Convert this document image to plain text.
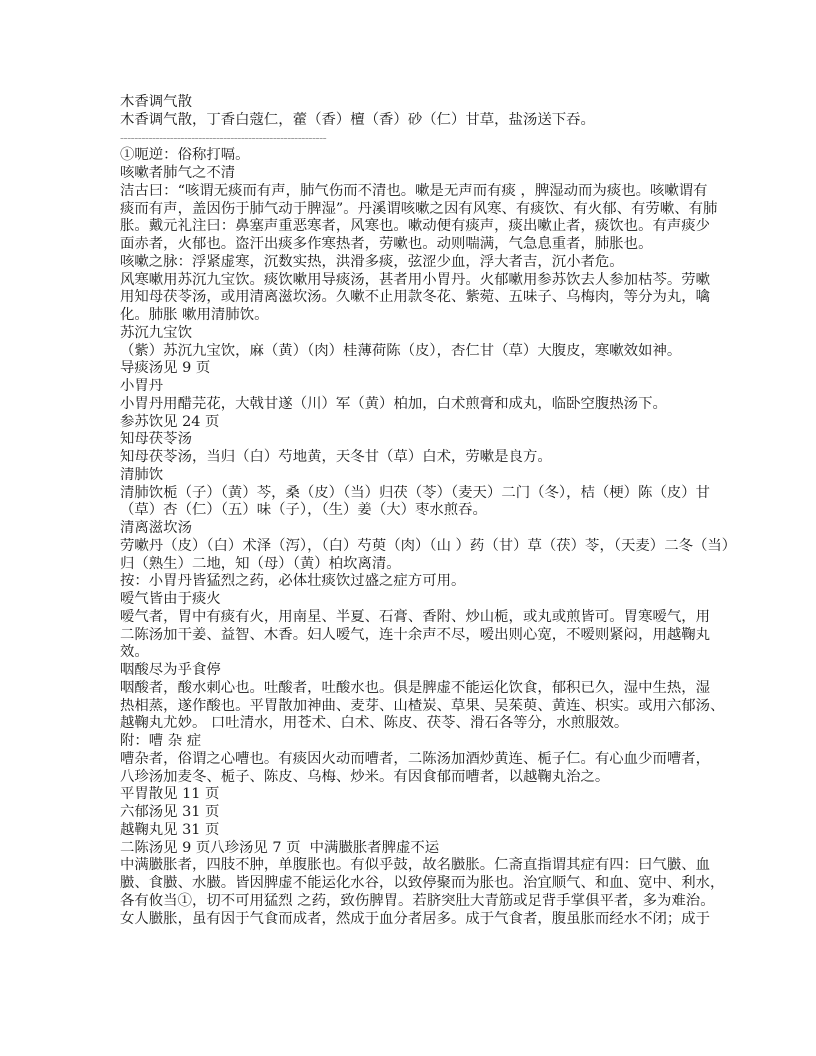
木香调气散
木香调气散，丁香白蔻仁，藿（香）檀（香）砂（仁）甘草，盐汤送下吞。
----------------------------------------------------------
①呃逆：俗称打嗝。
咳嗽者肺气之不清
洁古曰：“咳谓无痰而有声，肺气伤而不清也。嗽是无声而有痰 ，脾湿动而为痰也。咳嗽谓有
痰而有声，盖因伤于肺气动于脾湿”。丹溪谓咳嗽之因有风寒、有痰饮、有火郁、有劳嗽、有肺
胀。戴元礼注曰：鼻塞声重恶寒者，风寒也。嗽动便有痰声，痰出嗽止者，痰饮也。有声痰少
面赤者，火郁也。盗汗出痰多作寒热者，劳嗽也。动则喘满，气急息重者，肺胀也。
咳嗽之脉：浮紧虚寒，沉数实热，洪滑多痰，弦涩少血，浮大者吉，沉小者危。
风寒嗽用苏沉九宝饮。痰饮嗽用导痰汤，甚者用小胃丹。火郁嗽用参苏饮去人参加枯芩。劳嗽
用知母茯苓汤，或用清离滋坎汤。久嗽不止用款冬花、紫菀、五味子、乌梅肉，等分为丸，噙
化。肺胀 嗽用清肺饮。
苏沉九宝饮
（紫）苏沉九宝饮，麻（黄）（肉）桂薄荷陈（皮），杏仁甘（草）大腹皮，寒嗽效如神。
导痰汤见 9 页
小胃丹
小胃丹用醋芫花，大戟甘遂（川）军（黄）柏加，白术煎膏和成丸，临卧空腹热汤下。
参苏饮见 24 页
知母茯苓汤
知母茯苓汤，当归（白）芍地黄，天冬甘（草）白术，劳嗽是良方。
清肺饮
清肺饮栀（子）（黄）芩，桑（皮）（当）归茯（苓）（麦天）二门（冬），桔（梗）陈（皮）甘
（草）杏（仁）（五）味（子），（生）姜（大）枣水煎吞。
清离滋坎汤
劳嗽丹（皮）（白）术泽（泻），（白）芍萸（肉）（山 ）药（甘）草（茯）苓，（天麦）二冬（当）
归（熟生）二地，知（母）（黄）柏坎离清。
按：小胃丹皆猛烈之药，必体壮痰饮过盛之症方可用。
嗳气皆由于痰火
嗳气者，胃中有痰有火，用南星、半夏、石膏、香附、炒山栀，或丸或煎皆可。胃寒嗳气，用
二陈汤加干姜、益智、木香。妇人嗳气，连十余声不尽，嗳出则心宽，不嗳则紧闷，用越鞠丸
效。
咽酸尽为乎食停
咽酸者，酸水刺心也。吐酸者，吐酸水也。俱是脾虚不能运化饮食，郁积已久，湿中生热，湿
热相蒸，遂作酸也。平胃散加神曲、麦芽、山楂炭、草果、吴茱萸、黄连、枳实。或用六郁汤、
越鞠丸尤妙。 口吐清水，用苍术、白术、陈皮、茯苓、滑石各等分，水煎服效。
附：嘈 杂 症
嘈杂者，俗谓之心嘈也。有痰因火动而嘈者，二陈汤加酒炒黄连、栀子仁。有心血少而嘈者，
八珍汤加麦冬、栀子、陈皮、乌梅、炒米。有因食郁而嘈者，以越鞠丸治之。
平胃散见 11 页
六郁汤见 31 页
越鞠丸见 31 页
二陈汤见 9 页八珍汤见 7 页  中满臌胀者脾虚不运
中满臌胀者，四肢不肿，单腹胀也。有似乎鼓，故名臌胀。仁斋直指谓其症有四：曰气臌、血
臌、食臌、水臌。皆因脾虚不能运化水谷，以致停聚而为胀也。治宜顺气、和血、宽中、利水，
各有攸当①，切不可用猛烈 之药，致伤脾胃。若脐突肚大青筋或足背手掌俱平者，多为难治。
女人臌胀，虽有因于气食而成者，然成于血分者居多。成于气食者，腹虽胀而经水不闭；成于
